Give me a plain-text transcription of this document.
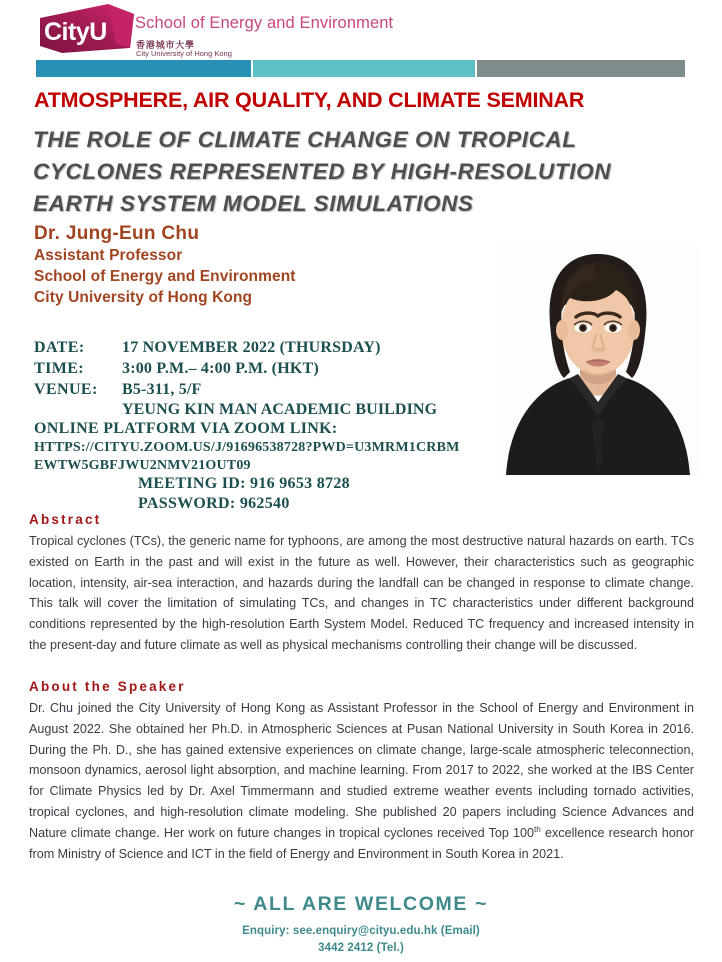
CityU School of Energy and Environment
香港城市大學
City University of Hong Kong
ATMOSPHERE, AIR QUALITY, AND CLIMATE SEMINAR
THE ROLE OF CLIMATE CHANGE ON TROPICAL CYCLONES REPRESENTED BY HIGH-RESOLUTION EARTH SYSTEM MODEL SIMULATIONS
Dr. Jung-Eun Chu
Assistant Professor
School of Energy and Environment
City University of Hong Kong
DATE:	17 NOVEMBER 2022 (THURSDAY)
TIME:	3:00 P.M.– 4:00 P.M. (HKT)
VENUE:	B5-311, 5/F
YEUNG KIN MAN ACADEMIC BUILDING
ONLINE PLATFORM VIA ZOOM LINK:
HTTPS://CITYU.ZOOM.US/J/91696538728?PWD=U3MRM1CRBMEWTW5GBFJWU2NMV21OUT09
MEETING ID: 916 9653 8728
PASSWORD: 962540
Abstract
Tropical cyclones (TCs), the generic name for typhoons, are among the most destructive natural hazards on earth. TCs existed on Earth in the past and will exist in the future as well. However, their characteristics such as geographic location, intensity, air-sea interaction, and hazards during the landfall can be changed in response to climate change. This talk will cover the limitation of simulating TCs, and changes in TC characteristics under different background conditions represented by the high-resolution Earth System Model. Reduced TC frequency and increased intensity in the present-day and future climate as well as physical mechanisms controlling their change will be discussed.
About the Speaker
Dr. Chu joined the City University of Hong Kong as Assistant Professor in the School of Energy and Environment in August 2022. She obtained her Ph.D. in Atmospheric Sciences at Pusan National University in South Korea in 2016. During the Ph. D., she has gained extensive experiences on climate change, large-scale atmospheric teleconnection, monsoon dynamics, aerosol light absorption, and machine learning. From 2017 to 2022, she worked at the IBS Center for Climate Physics led by Dr. Axel Timmermann and studied extreme weather events including tornado activities, tropical cyclones, and high-resolution climate modeling. She published 20 papers including Science Advances and Nature climate change. Her work on future changes in tropical cyclones received Top 100th excellence research honor from Ministry of Science and ICT in the field of Energy and Environment in South Korea in 2021.
~ ALL ARE WELCOME ~
Enquiry: see.enquiry@cityu.edu.hk (Email)
3442 2412 (Tel.)
